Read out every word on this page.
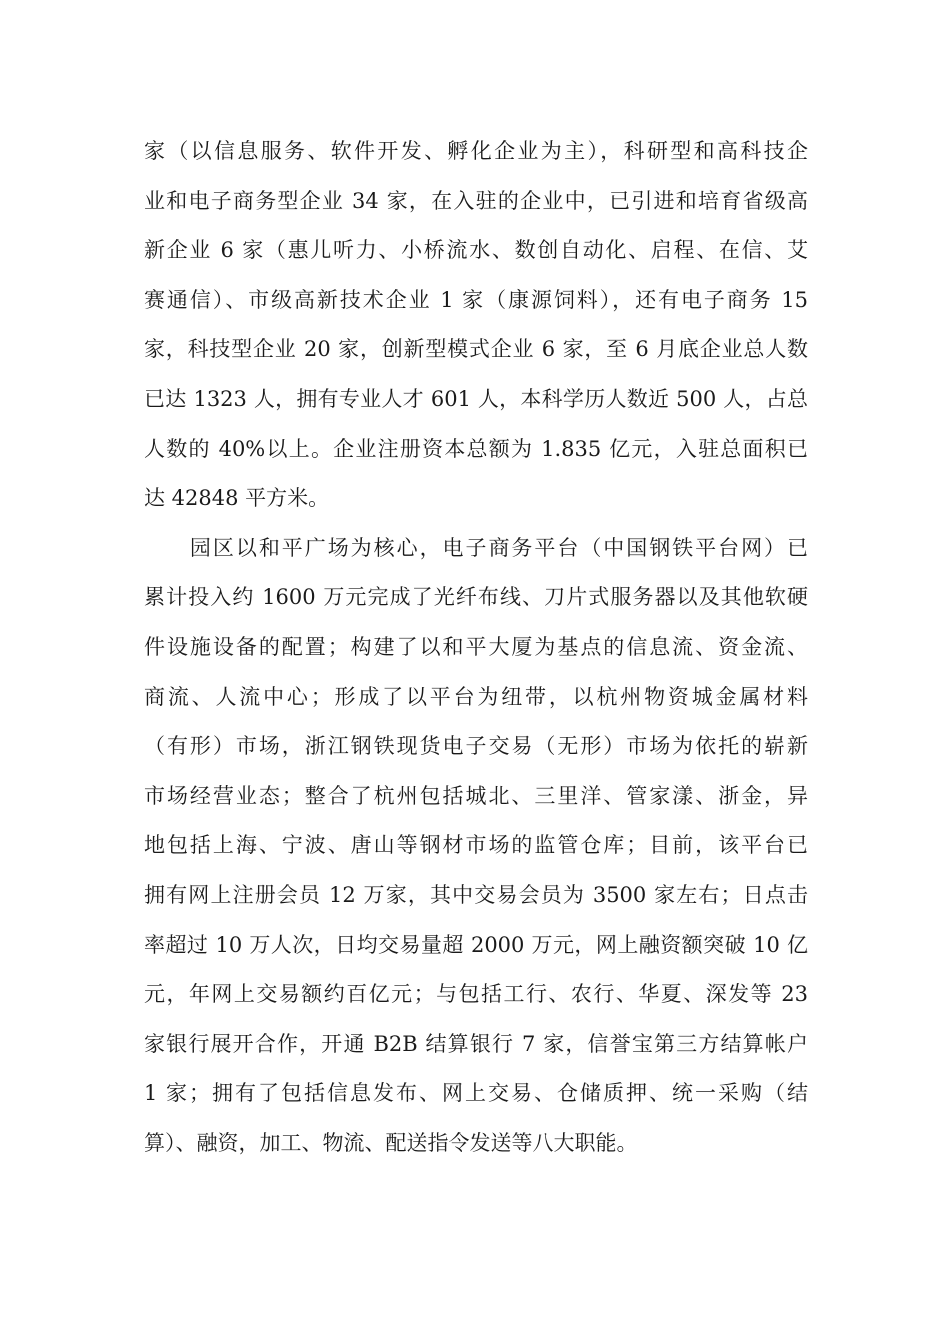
家（以信息服务、软件开发、孵化企业为主），科研型和高科技企
业和电子商务型企业 34 家，在入驻的企业中，已引进和培育省级高
新企业 6 家（惠儿听力、小桥流水、数创自动化、启程、在信、艾
赛通信）、市级高新技术企业 1 家（康源饲料），还有电子商务 15
家，科技型企业 20 家，创新型模式企业 6 家，至 6 月底企业总人数
已达 1323 人，拥有专业人才 601 人，本科学历人数近 500 人，占总
人数的 40%以上。企业注册资本总额为 1.835 亿元，入驻总面积已
达 42848 平方米。
　　园区以和平广场为核心，电子商务平台（中国钢铁平台网）已
累计投入约 1600 万元完成了光纤布线、刀片式服务器以及其他软硬
件设施设备的配置；构建了以和平大厦为基点的信息流、资金流、
商流、人流中心；形成了以平台为纽带，以杭州物资城金属材料
（有形）市场，浙江钢铁现货电子交易（无形）市场为依托的崭新
市场经营业态；整合了杭州包括城北、三里洋、管家漾、浙金，异
地包括上海、宁波、唐山等钢材市场的监管仓库；目前，该平台已
拥有网上注册会员 12 万家，其中交易会员为 3500 家左右；日点击
率超过 10 万人次，日均交易量超 2000 万元，网上融资额突破 10 亿
元，年网上交易额约百亿元；与包括工行、农行、华夏、深发等 23
家银行展开合作，开通 B2B 结算银行 7 家，信誉宝第三方结算帐户
1 家；拥有了包括信息发布、网上交易、仓储质押、统一采购（结
算）、融资，加工、物流、配送指令发送等八大职能。
